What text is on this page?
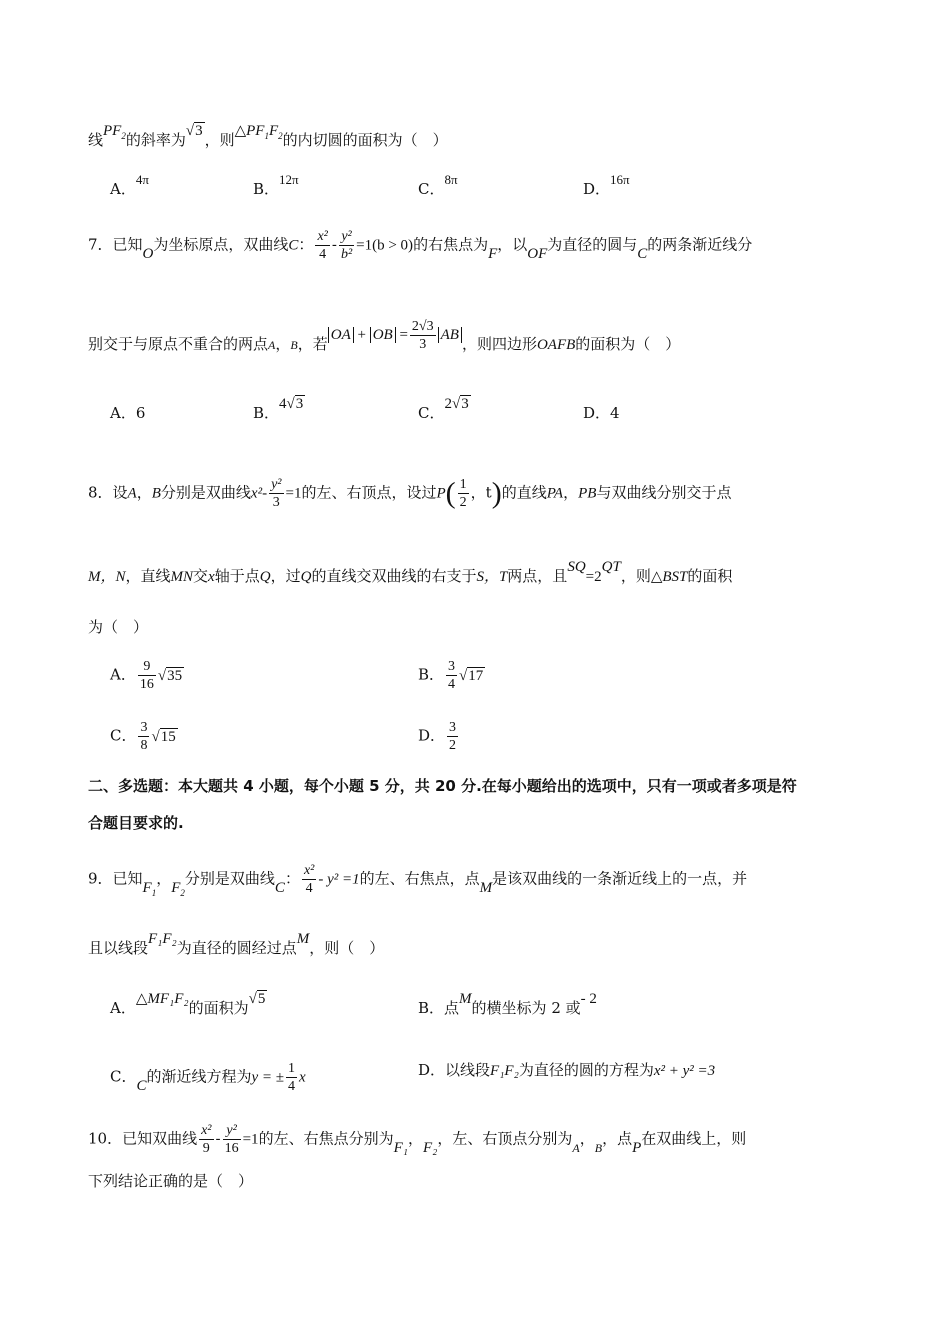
线$PF_2$的斜率为√3 ，则$\triangle PF_1F_2$的内切圆的面积为（　）
A．4π
B．12π
C．8π
D．16π
7．已知O为坐标原点，双曲线C： $\frac{\text{x²}}{4} - \frac{\text{y²}}{\text{b²}} =1(b > 0)$的右焦点为F，以OF为直径的圆与C的两条渐近线分
别交于与原点不重合的两点A，B，若 OA + OB = $\frac{2√3}{3}$ AB ，则四边形OAFB的面积为（　）
A．6	B．4√3	C．2√3	D．4
8．设A，B分别是双曲线$x^2- \frac{\text{y²}}{3} =1$的左、右顶点，设过$P( \frac{1}{2}$ ，t)的直线PA，PB与双曲线分别交于点
M，N，直线MN交x轴于点Q，过Q的直线交双曲线的右支于S，T两点，且SQ=2QT，则△BST的面积
为（　）
A． $\frac{9}{16} √35$	B． $\frac{3}{4} √17$
C． $\frac{3}{8} √15$	D． $\frac{3}{2}$
二、多选题：本大题共 4 小题，每个小题 5 分，共 20 分.在每小题给出的选项中，只有一项或者多项是符
合题目要求的.
9．已知$F_1$，$F_2$分别是双曲线C： $\frac{\text{x²}}{4} - y^2 =1$的左、右焦点，点M是该双曲线的一条渐近线上的一点，并
且以线段F₁F₂为直径的圆经过点M，则（　）
A．△MF₁F₂的面积为√5	B．点M的横坐标为 2 或- 2
C．C的渐近线方程为y = ± $\frac{1}{4}$ x	D．以线段F₁F₂为直径的圆的方程为x² + y² =3
10．已知双曲线 $\frac{\text{x²}}{9} - \frac{\text{y²}}{16} =1$的左、右焦点分别为F₁，F₂，左、右顶点分别为$_A$，$_B$，点P在双曲线上，则
下列结论正确的是（　）
